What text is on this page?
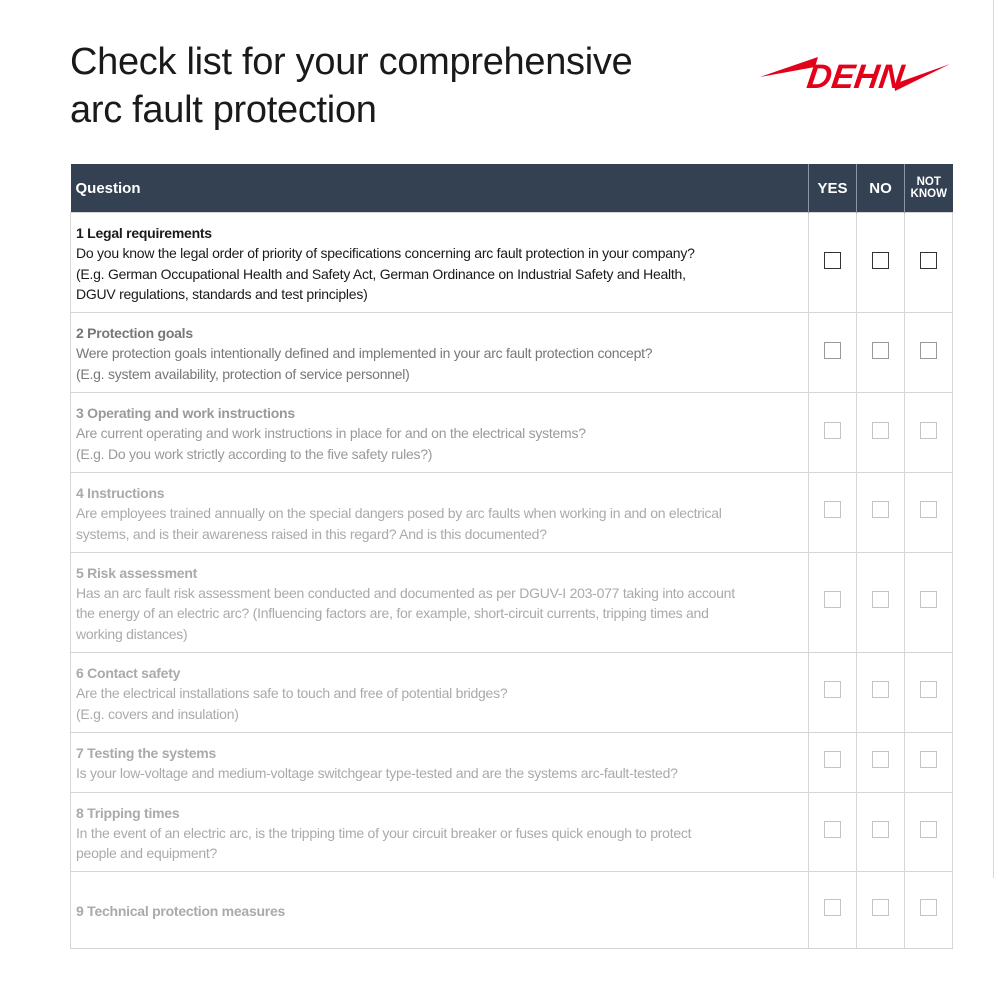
Check list for your comprehensive
arc fault protection
DEHN
Question	YES	NO	NOT
KNOW

1 Legal requirements
Do you know the legal order of priority of specifications concerning arc fault protection in your company?
(E.g. German Occupational Health and Safety Act, German Ordinance on Industrial Safety and Health,
DGUV regulations, standards and test principles)			

2 Protection goals
Were protection goals intentionally defined and implemented in your arc fault protection concept?
(E.g. system availability, protection of service personnel)			

3 Operating and work instructions
Are current operating and work instructions in place for and on the electrical systems?
(E.g. Do you work strictly according to the five safety rules?)			

4 Instructions
Are employees trained annually on the special dangers posed by arc faults when working in and on electrical
systems, and is their awareness raised in this regard? And is this documented?			

5 Risk assessment
Has an arc fault risk assessment been conducted and documented as per DGUV-I 203-077 taking into account
the energy of an electric arc? (Influencing factors are, for example, short-circuit currents, tripping times and
working distances)			

6 Contact safety
Are the electrical installations safe to touch and free of potential bridges?
(E.g. covers and insulation)			

7 Testing the systems
Is your low-voltage and medium-voltage switchgear type-tested and are the systems arc-fault-tested?			

8 Tripping times
In the event of an electric arc, is the tripping time of your circuit breaker or fuses quick enough to protect
people and equipment?			

9 Technical protection measures			
